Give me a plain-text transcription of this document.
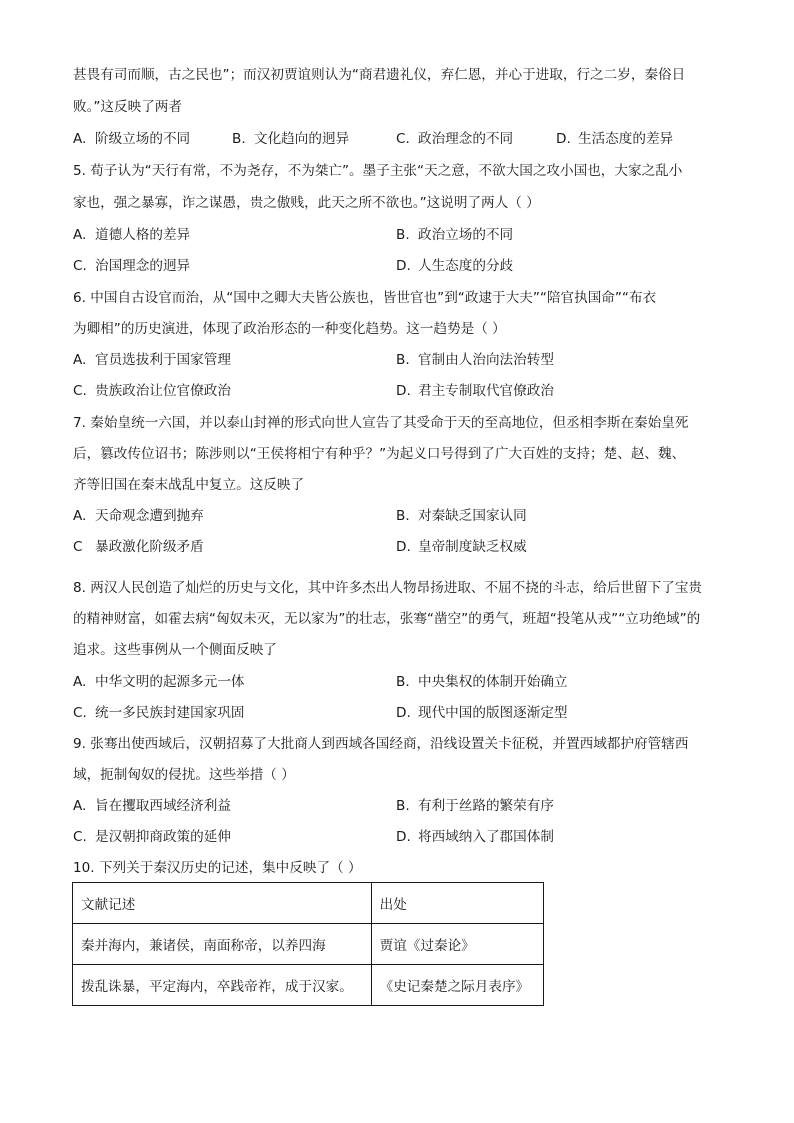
甚畏有司而顺，古之民也”；而汉初贾谊则认为“商君遗礼仪，弃仁恩，并心于进取，行之二岁，秦俗日
败。”这反映了两者
A. 阶级立场的不同	B. 文化趋向的迥异	C. 政治理念的不同	D. 生活态度的差异
5. 荀子认为“天行有常，不为尧存，不为桀亡”。墨子主张“天之意，不欲大国之攻小国也，大家之乱小
家也，强之暴寡，诈之谋愚，贵之傲贱，此天之所不欲也。”这说明了两人（ ）
A. 道德人格的差异	B. 政治立场的不同
C. 治国理念的迥异	D. 人生态度的分歧
6. 中国自古设官而治，从“国中之卿大夫皆公族也，皆世官也”到“政逮于大夫”“陪官执国命”“布衣
为卿相”的历史演进，体现了政治形态的一种变化趋势。这一趋势是（ ）
A. 官员选拔利于国家管理	B. 官制由人治向法治转型
C. 贵族政治让位官僚政治	D. 君主专制取代官僚政治
7. 秦始皇统一六国，并以泰山封禅的形式向世人宣告了其受命于天的至高地位，但丞相李斯在秦始皇死
后，篡改传位诏书；陈涉则以“王侯将相宁有种乎？”为起义口号得到了广大百姓的支持；楚、赵、魏、
齐等旧国在秦末战乱中复立。这反映了
A. 天命观念遭到抛弃	B. 对秦缺乏国家认同
C 暴政激化阶级矛盾	D. 皇帝制度缺乏权威
8. 两汉人民创造了灿烂的历史与文化，其中许多杰出人物昂扬进取、不屈不挠的斗志，给后世留下了宝贵
的精神财富，如霍去病“匈奴未灭，无以家为”的壮志，张骞“凿空”的勇气，班超“投笔从戎”“立功绝域”的
追求。这些事例从一个侧面反映了
A. 中华文明的起源多元一体	B. 中央集权的体制开始确立
C. 统一多民族封建国家巩固	D. 现代中国的版图逐渐定型
9. 张骞出使西域后，汉朝招募了大批商人到西域各国经商，沿线设置关卡征税，并置西域都护府管辖西
域，扼制匈奴的侵扰。这些举措（ ）
A. 旨在攫取西域经济利益	B. 有利于丝路的繁荣有序
C. 是汉朝抑商政策的延伸	D. 将西域纳入了郡国体制
10. 下列关于秦汉历史的记述，集中反映了（ ）
文献记述	出处
秦并海内，兼诸侯，南面称帝，以养四海	贾谊《过秦论》
拨乱诛暴，平定海内，卒践帝祚，成于汉家。	《史记秦楚之际月表序》
